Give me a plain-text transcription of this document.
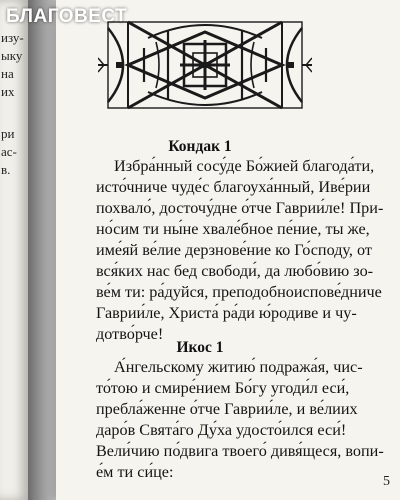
изу-
ыку
на
их
ри
ас-
в.
БЛАГОВЕСТ
Кондак 1
Избра́нный сосу́де Бо́жией благода́ти,
исто́чниче чуде́с благоуха́нный, Иве́рии
похвало́, досточу́дне о́тче Гаврии́ле! При-
но́сим ти ны́не хвале́бное пе́ние, ты же,
име́яй ве́лие дерзнове́ние ко Го́споду, от
вся́ких нас бед свободи́, да любо́вию зо-
ве́м ти: ра́дуйся, преподобноиспове́дниче
Гаврии́ле, Христа́ ра́ди ю́родиве и чу-
дотво́рче!
Икос 1
А́нгельскому житию́ подража́я, чис-
то́тою и смире́нием Бо́гу угоди́л еси́,
пребла́женне о́тче Гаврии́ле, и ве́лиих
даро́в Свята́го Ду́ха удосто́ился еси́!
Вели́чию по́двига твоего́ дивя́щеся, вопи-
е́м ти си́це:
5
